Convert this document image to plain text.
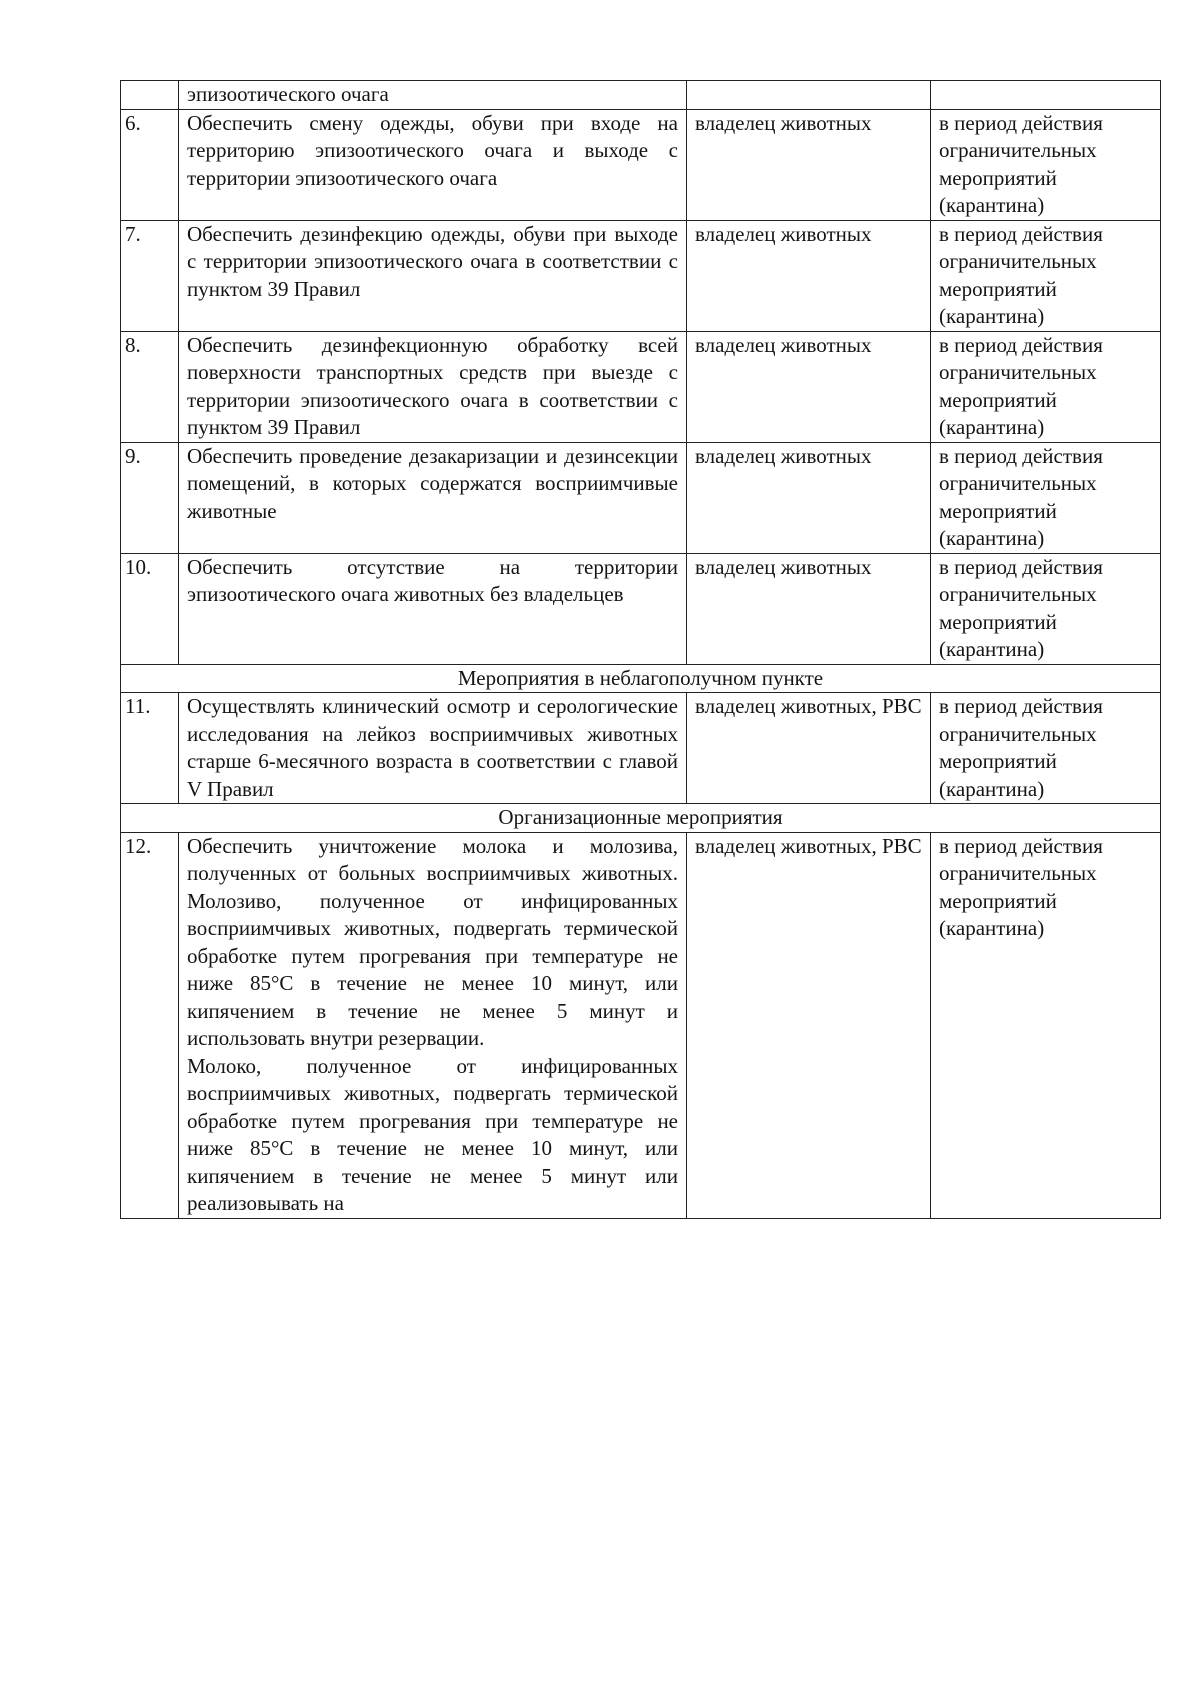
	эпизоотического очага		
6.	Обеспечить смену одежды, обуви при входе на территорию эпизоотического очага и выходе с территории эпизоотического очага	владелец животных	в период действия ограничительных мероприятий (карантина)
7.	Обеспечить дезинфекцию одежды, обуви при выходе с территории эпизоотического очага в соответствии с пунктом 39 Правил	владелец животных	в период действия ограничительных мероприятий (карантина)
8.	Обеспечить дезинфекционную обработку всей поверхности транспортных средств при выезде с территории эпизоотического очага в соответствии с пунктом 39 Правил	владелец животных	в период действия ограничительных мероприятий (карантина)
9.	Обеспечить проведение дезакаризации и дезинсекции помещений, в которых содержатся восприимчивые животные	владелец животных	в период действия ограничительных мероприятий (карантина)
10.	Обеспечить отсутствие на территории эпизоотического очага животных без владельцев	владелец животных	в период действия ограничительных мероприятий (карантина)
Мероприятия в неблагополучном пункте			
11.	Осуществлять клинический осмотр и серологические исследования на лейкоз восприимчивых животных старше 6-месячного возраста в соответствии с главой V Правил	владелец животных, РВС	в период действия ограничительных мероприятий (карантина)
Организационные мероприятия			
12.	Обеспечить уничтожение молока и молозива, полученных от больных восприимчивых животных. Молозиво, полученное от инфицированных восприимчивых животных, подвергать термической обработке путем прогревания при температуре не ниже 85°С в течение не менее 10 минут, или кипячением в течение не менее 5 минут и использовать внутри резервации.
Молоко, полученное от инфицированных восприимчивых животных, подвергать термической обработке путем прогревания при температуре не ниже 85°С в течение не менее 10 минут, или кипячением в течение не менее 5 минут или реализовывать на	владелец животных, РВС	в период действия ограничительных мероприятий (карантина)
